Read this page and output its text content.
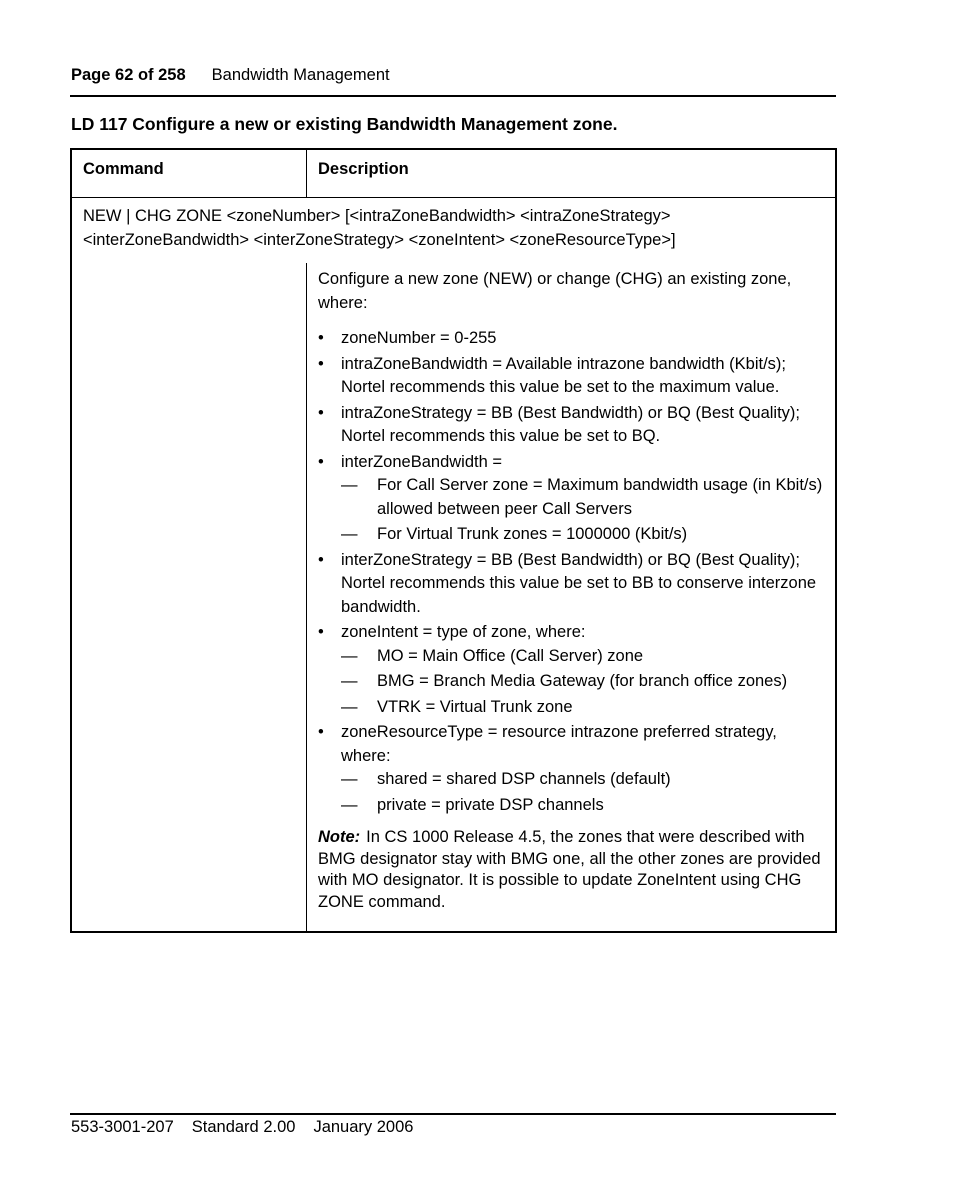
Page 62 of 258 Bandwidth Management
LD 117 Configure a new or existing Bandwidth Management zone.
Command	Description
NEW | CHG ZONE <zoneNumber> [<intraZoneBandwidth> <intraZoneStrategy> <interZoneBandwidth> <interZoneStrategy> <zoneIntent> <zoneResourceType>]

Configure a new zone (NEW) or change (CHG) an existing zone, where:

• zoneNumber = 0-255
• intraZoneBandwidth = Available intrazone bandwidth (Kbit/s); Nortel recommends this value be set to the maximum value.
• intraZoneStrategy = BB (Best Bandwidth) or BQ (Best Quality); Nortel recommends this value be set to BQ.
• interZoneBandwidth =
— For Call Server zone = Maximum bandwidth usage (in Kbit/s) allowed between peer Call Servers
— For Virtual Trunk zones = 1000000 (Kbit/s)
• interZoneStrategy = BB (Best Bandwidth) or BQ (Best Quality); Nortel recommends this value be set to BB to conserve interzone bandwidth.
• zoneIntent = type of zone, where:
— MO = Main Office (Call Server) zone
— BMG = Branch Media Gateway (for branch office zones)
— VTRK = Virtual Trunk zone
• zoneResourceType = resource intrazone preferred strategy, where:
— shared = shared DSP channels (default)
— private = private DSP channels

Note: In CS 1000 Release 4.5, the zones that were described with BMG designator stay with BMG one, all the other zones are provided with MO designator. It is possible to update ZoneIntent using CHG ZONE command.

553-3001-207 Standard 2.00 January 2006
